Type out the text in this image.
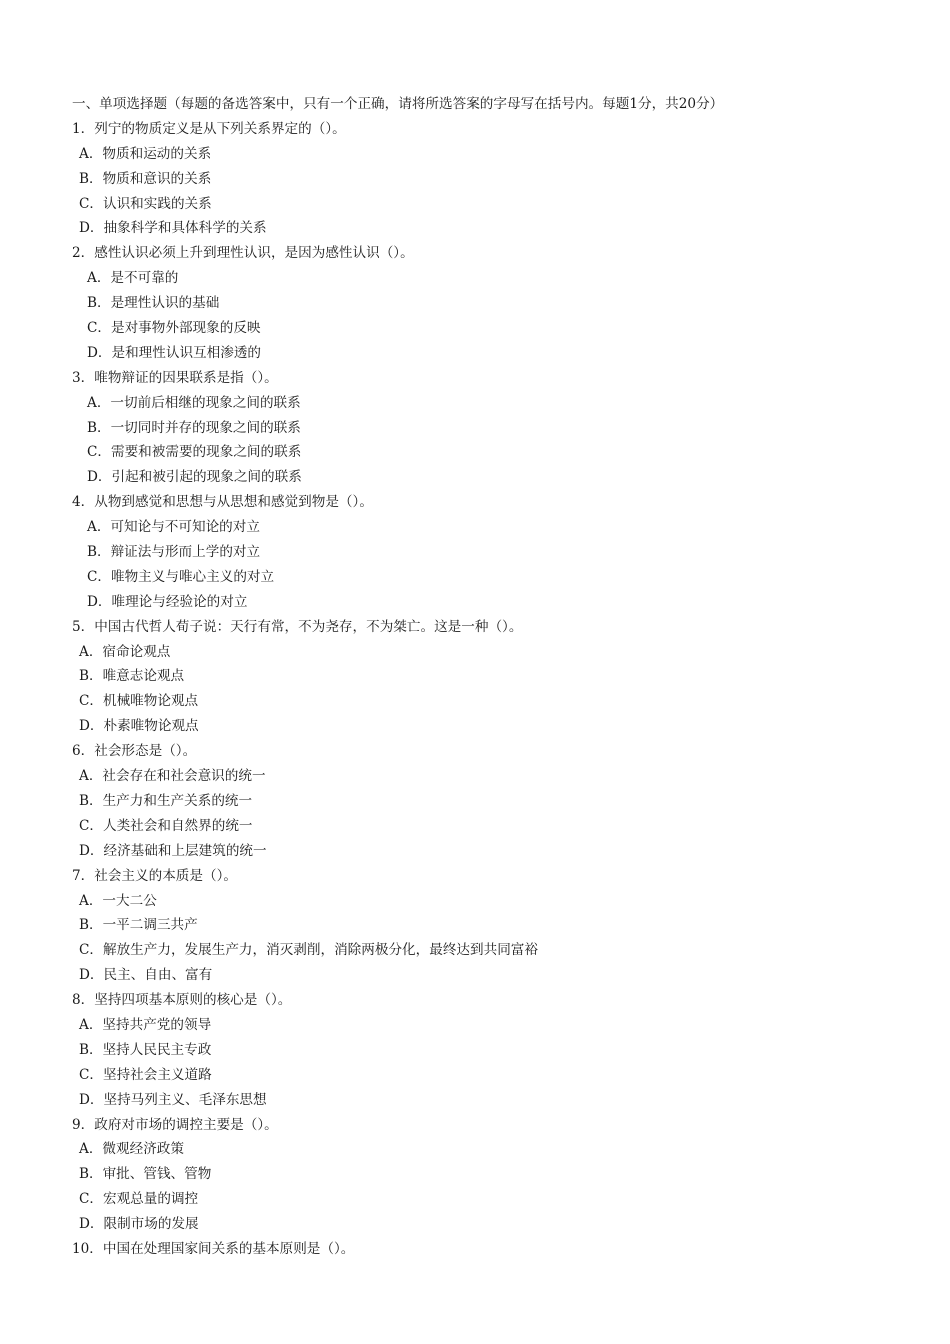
一、单项选择题（每题的备选答案中，只有一个正确，请将所选答案的字母写在括号内。每题1分，共20分）
1．列宁的物质定义是从下列关系界定的（）。
A．物质和运动的关系
B．物质和意识的关系
C．认识和实践的关系
D．抽象科学和具体科学的关系
2．感性认识必须上升到理性认识，是因为感性认识（）。
A．是不可靠的
B．是理性认识的基础
C．是对事物外部现象的反映
D．是和理性认识互相渗透的
3．唯物辩证的因果联系是指（）。
A．一切前后相继的现象之间的联系
B．一切同时并存的现象之间的联系
C．需要和被需要的现象之间的联系
D．引起和被引起的现象之间的联系
4．从物到感觉和思想与从思想和感觉到物是（）。
A．可知论与不可知论的对立
B．辩证法与形而上学的对立
C．唯物主义与唯心主义的对立
D．唯理论与经验论的对立
5．中国古代哲人荀子说：天行有常，不为尧存，不为桀亡。这是一种（）。
A．宿命论观点
B．唯意志论观点
C．机械唯物论观点
D．朴素唯物论观点
6．社会形态是（）。
A．社会存在和社会意识的统一
B．生产力和生产关系的统一
C．人类社会和自然界的统一
D．经济基础和上层建筑的统一
7．社会主义的本质是（）。
A．一大二公
B．一平二调三共产
C．解放生产力，发展生产力，消灭剥削，消除两极分化，最终达到共同富裕
D．民主、自由、富有
8．坚持四项基本原则的核心是（）。
A．坚持共产党的领导
B．坚持人民民主专政
C．坚持社会主义道路
D．坚持马列主义、毛泽东思想
9．政府对市场的调控主要是（）。
A．微观经济政策
B．审批、管钱、管物
C．宏观总量的调控
D．限制市场的发展
10．中国在处理国家间关系的基本原则是（）。
